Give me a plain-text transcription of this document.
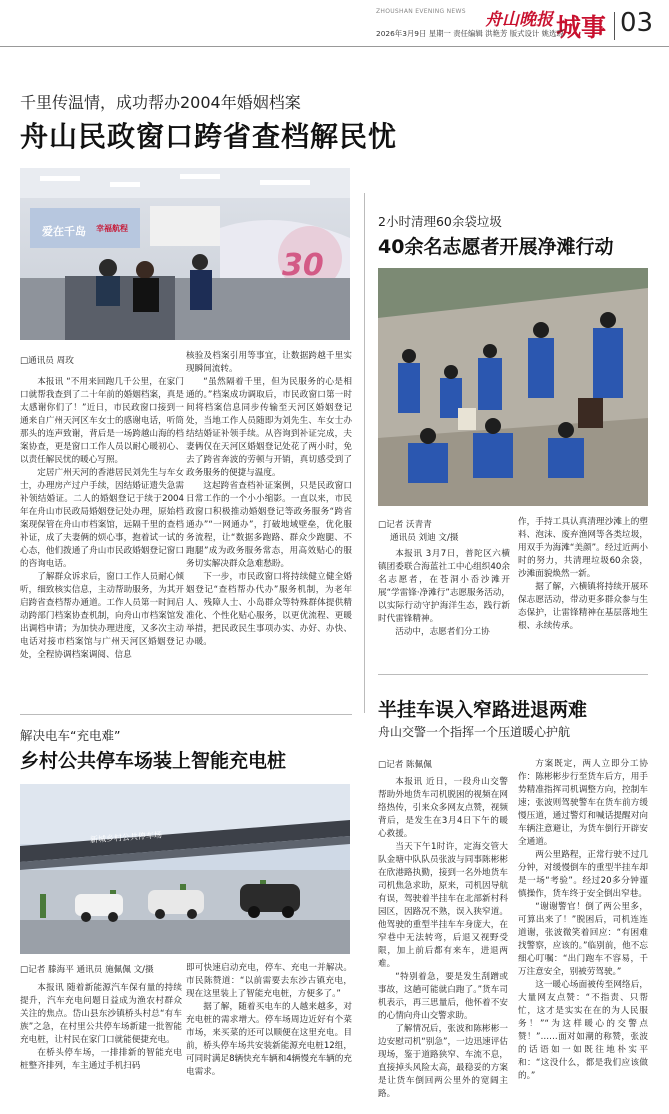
ZHOUSHAN EVENING NEWS 舟山晚报 城事 03
2026年3月9日 星期一 责任编辑 洪艳芳 版式设计 姚选琼
千里传温情，成功帮办2004年婚姻档案
舟山民政窗口跨省查档解民忧
爱在千岛 幸福航程
30
□通讯员 周玫

本报讯 “不用来回跑几千公里，在家门口就帮我查到了二十年前的婚姻档案，真是太感谢你们了！”近日，市民政窗口接到一通来自广州天河区车女士的感谢电话，听筒那头的连声致谢，背后是一场跨越山海的档案协查，更是窗口工作人员以耐心暖初心、以责任解民忧的暖心写照。

定居广州天河的香港居民刘先生与车女士，办理房产过户手续，因结婚证遗失急需补领结婚证。二人的婚姻登记于续于2004年在舟山市民政局婚姻登记处办理，原始档案现保管在舟山市档案馆，远隔千里的查档补证，成了夫妻俩的烦心事，抱着试一试的心态，他们拨通了舟山市民政婚姻登记窗口的咨询电话。

了解群众诉求后，窗口工作人员耐心倾听，细致核实信息，主动帮助服务，为其开启跨省查档帮办通道。工作人员第一时间启动跨部门档案协查机制，向舟山市档案馆发出调档申请；为加快办理进度，又多次主动电话对接市档案馆与广州天河区婚姻登记处，全程协调档案调阅、信息

核验及档案引用等事宜，让数据跨越千里实现瞬间流转。

“虽然隔着千里，但为民服务的心是相通的。”档案成功调取后，市民政窗口第一时间将档案信息同步传输至天河区婚姻登记处，当地工作人员随即为刘先生、车女士办结结婚证补领手续。从咨询到补证完成，夫妻俩仅在天河区婚姻登记处花了两小时，免去了跨省奔波的劳顿与开销，真切感受到了政务服务的便捷与温度。

这起跨省查档补证案例，只是民政窗口日常工作的一个小小缩影。一直以来，市民政窗口积极推动婚姻登记等政务服务“跨省通办”“一网通办”，打破地域壁垒，优化服务流程，让“数据多跑路、群众少跑腿、不跑腿”成为政务服务常态，用高效贴心的服务切实解决群众急难愁盼。

下一步，市民政窗口将持续健立健全婚姻登记“查档帮办代办”服务机制，为老年人、残障人士、小岛群众等特殊群体提供精准化、个性化贴心服务，以更优流程、更暖举措，把民政民生事项办实、办好、办快、办暖。

2小时清理60余袋垃圾
40余名志愿者开展净滩行动
□记者 沃青青
通讯员 刘迪 文/摄

本报讯 3月7日，普陀区六横镇团委联合海蓝社工中心组织40余名志愿者，在苍洞小岙沙滩开展“学雷锋·净滩行”志愿服务活动，以实际行动守护海洋生态，践行新时代雷锋精神。

活动中，志愿者们分工协

作，手持工具认真清理沙滩上的塑料、泡沫、废弃渔网等各类垃圾，用双手为海滩“美颜”。经过近两小时的努力，共清理垃圾60余袋，沙滩面貌焕然一新。

据了解，六横镇将持续开展环保志愿活动，带动更多群众参与生态保护，让雷锋精神在基层落地生根、永续传承。

半挂车误入窄路进退两难
舟山交警一个指挥一个压道暖心护航
□记者 陈佩佩

本报讯 近日，一段舟山交警帮助外地货车司机脱困的视频在网络热传，引来众多网友点赞，视频背后，是发生在3月4日下午的暖心救援。

当天下午1时许，定海交管大队金塘中队队员张波与同事陈彬彬在欣港路执勤，接到一名外地货车司机焦急求助，原来，司机因导航有误，驾驶着半挂车在北部新村科园区，因路况不熟，误入狭窄道。他驾驶的重型半挂车车身庞大，在窄巷中无法转弯，后退又视野受限，加上前后都有来车，进退两难。

“特别着急，要是发生刮蹭或事故，这趟可能就白跑了。”货车司机表示，再三思量后，他怀着不安的心情向舟山交警求助。

了解情况后，张波和陈彬彬一边安慰司机“别急”，一边迅速评估现场，鉴于道路狭窄、车流不息，直接掉头风险太高，最稳妥的方案是让货车倒回两公里外的宽阔主路。

方案既定，两人立即分工协作：陈彬彬步行至货车后方，用手势精准指挥司机调整方向，控制车速；张波则驾驶警车在货车前方缓慢压道，通过警灯和喊话提醒对向车辆注意避让，为货车倒行开辟安全通道。

两公里路程，正常行驶不过几分钟，对缓慢倒车的重型半挂车却是一场“考验”。经过20多分钟谨慎操作，货车终于安全倒出窄巷。

“谢谢警官！倒了两公里多，可算出来了！”脱困后，司机连连道谢，张波微笑着回应：“有困难找警察，应该的。”临别前，他不忘细心叮嘱：“出门跑车不容易，千万注意安全，别被劳驾驶。”

这一暖心场面被传至网络后，大量网友点赞：“不指责、只帮忙，这才是实实在在的为人民服务！”“为这样暖心的交警点赞！”……面对如潮的称赞，张波的话语如一如既往地朴实平和：“这没什么，都是我们应该做的。”

解决电车“充电难”
乡村公共停车场装上智能充电桩
新城乡村公共停车场
□记者 滕海平 通讯员 施佩佩 文/摄

本报讯 随着新能源汽车保有量的持续提升，汽车充电问题日益成为渔农村群众关注的焦点。岱山县东沙镇桥头村总“有车族”之急，在村里公共停车场新建一批智能充电桩，让村民在家门口就能便捷充电。

在桥头停车场，一排排新的智能充电桩整齐排列，车主通过手机扫码

即可快速启动充电，停车、充电一并解决。市民陈赞道：“以前需要去东沙古镇充电，现在这里装上了智能充电桩，方便多了。”

据了解，随着买电车的人越来越多，对充电桩的需求增大。停车场周边近好有个菜市场，来买菜的还可以顺便在这里充电。目前，桥头停车场共安装新能源充电桩12组，可同时满足8辆快充车辆和4辆慢充车辆的充电需求。
